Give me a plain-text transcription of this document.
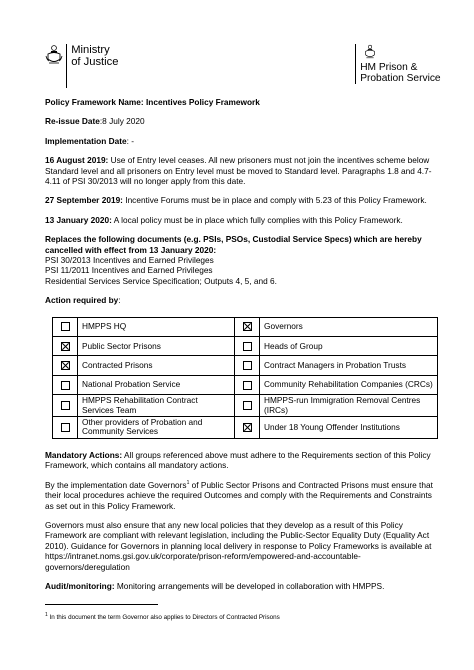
Ministry
of Justice	HM Prison &
Probation Service

Policy Framework Name: Incentives Policy Framework

Re-issue Date:8 July 2020

Implementation Date: -

16 August 2019: Use of Entry level ceases. All new prisoners must not join the incentives scheme below Standard level and all prisoners on Entry level must be moved to Standard level. Paragraphs 1.8 and 4.7-4.11 of PSI 30/2013 will no longer apply from this date.

27 September 2019: Incentive Forums must be in place and comply with 5.23 of this Policy Framework.

13 January 2020: A local policy must be in place which fully complies with this Policy Framework.

Replaces the following documents (e.g. PSIs, PSOs, Custodial Service Specs) which are hereby cancelled with effect from 13 January 2020:

PSI 30/2013 Incentives and Earned Privileges

PSI 11/2011 Incentives and Earned Privileges

Residential Services Service Specification; Outputs 4, 5, and 6.

Action required by:

	HMPPS HQ		Governors
	Public Sector Prisons		Heads of Group
	Contracted Prisons		Contract Managers in Probation Trusts
	National Probation Service		Community Rehabilitation Companies (CRCs)
	HMPPS Rehabilitation Contract Services Team		HMPPS-run Immigration Removal Centres (IRCs)
	Other providers of Probation and Community Services		Under 18 Young Offender Institutions

Mandatory Actions: All groups referenced above must adhere to the Requirements section of this Policy Framework, which contains all mandatory actions.

By the implementation date Governors$^1$ of Public Sector Prisons and Contracted Prisons must ensure that their local procedures achieve the required Outcomes and comply with the Requirements and Constraints as set out in this Policy Framework.

Governors must also ensure that any new local policies that they develop as a result of this Policy Framework are compliant with relevant legislation, including the Public-Sector Equality Duty (Equality Act 2010). Guidance for Governors in planning local delivery in response to Policy Frameworks is available at https://intranet.noms.gsi.gov.uk/corporate/prison-reform/empowered-and-accountable-governors/deregulation

Audit/monitoring: Monitoring arrangements will be developed in collaboration with HMPPS.

$^1$ In this document the term Governor also applies to Directors of Contracted Prisons
